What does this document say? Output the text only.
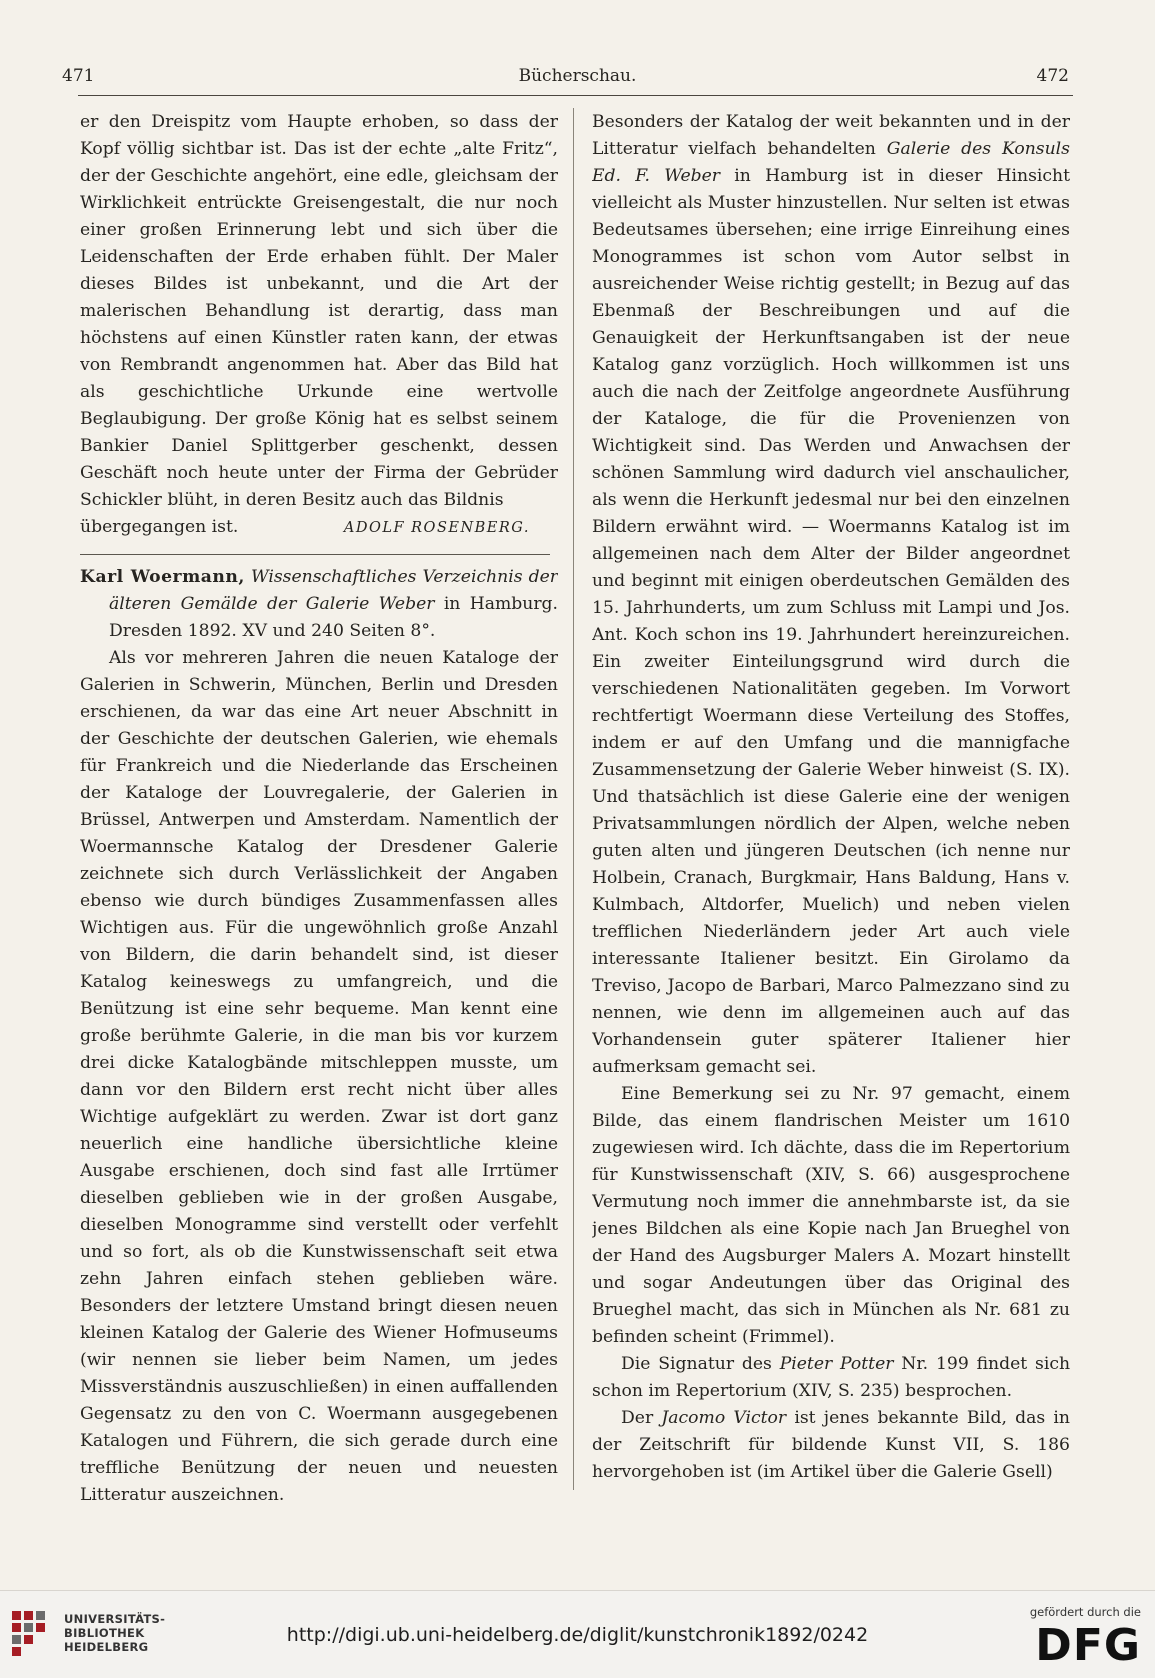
471	Bücherschau.	472

er den Dreispitz vom Haupte erhoben, so dass der Kopf völlig sichtbar ist. Das ist der echte „alte Fritz“, der der Geschichte angehört, eine edle, gleichsam der Wirklichkeit entrückte Greisengestalt, die nur noch einer großen Erinnerung lebt und sich über die Leidenschaften der Erde erhaben fühlt. Der Maler dieses Bildes ist unbekannt, und die Art der malerischen Behandlung ist derartig, dass man höchstens auf einen Künstler raten kann, der etwas von Rembrandt angenommen hat. Aber das Bild hat als geschichtliche Urkunde eine wertvolle Beglaubigung. Der große König hat es selbst seinem Bankier Daniel Splittgerber geschenkt, dessen Geschäft noch heute unter der Firma der Gebrüder Schickler blüht, in deren Besitz auch das Bildnis

übergegangen ist.	ADOLF ROSENBERG.

Karl Woermann, Wissenschaftliches Verzeichnis der älteren Gemälde der Galerie Weber in Hamburg. Dresden 1892. XV und 240 Seiten 8°.

Als vor mehreren Jahren die neuen Kataloge der Galerien in Schwerin, München, Berlin und Dresden erschienen, da war das eine Art neuer Abschnitt in der Geschichte der deutschen Galerien, wie ehemals für Frankreich und die Niederlande das Erscheinen der Kataloge der Louvregalerie, der Galerien in Brüssel, Antwerpen und Amsterdam. Namentlich der Woermannsche Katalog der Dresdener Galerie zeichnete sich durch Verlässlichkeit der Angaben ebenso wie durch bündiges Zusammenfassen alles Wichtigen aus. Für die ungewöhnlich große Anzahl von Bildern, die darin behandelt sind, ist dieser Katalog keineswegs zu umfangreich, und die Benützung ist eine sehr bequeme. Man kennt eine große berühmte Galerie, in die man bis vor kurzem drei dicke Katalogbände mitschleppen musste, um dann vor den Bildern erst recht nicht über alles Wichtige aufgeklärt zu werden. Zwar ist dort ganz neuerlich eine handliche übersichtliche kleine Ausgabe erschienen, doch sind fast alle Irrtümer dieselben geblieben wie in der großen Ausgabe, dieselben Monogramme sind verstellt oder verfehlt und so fort, als ob die Kunstwissenschaft seit etwa zehn Jahren einfach stehen geblieben wäre. Besonders der letztere Umstand bringt diesen neuen kleinen Katalog der Galerie des Wiener Hofmuseums (wir nennen sie lieber beim Namen, um jedes Missverständnis auszuschließen) in einen auffallenden Gegensatz zu den von C. Woermann ausgegebenen Katalogen und Führern, die sich gerade durch eine treffliche Benützung der neuen und neuesten Litteratur auszeichnen.

Besonders der Katalog der weit bekannten und in der Litteratur vielfach behandelten Galerie des Konsuls Ed. F. Weber in Hamburg ist in dieser Hinsicht vielleicht als Muster hinzustellen. Nur selten ist etwas Bedeutsames übersehen; eine irrige Einreihung eines Monogrammes ist schon vom Autor selbst in ausreichender Weise richtig gestellt; in Bezug auf das Ebenmaß der Beschreibungen und auf die Genauigkeit der Herkunftsangaben ist der neue Katalog ganz vorzüglich. Hoch willkommen ist uns auch die nach der Zeitfolge angeordnete Ausführung der Kataloge, die für die Provenienzen von Wichtigkeit sind. Das Werden und Anwachsen der schönen Sammlung wird dadurch viel anschaulicher, als wenn die Herkunft jedesmal nur bei den einzelnen Bildern erwähnt wird. — Woermanns Katalog ist im allgemeinen nach dem Alter der Bilder angeordnet und beginnt mit einigen oberdeutschen Gemälden des 15. Jahrhunderts, um zum Schluss mit Lampi und Jos. Ant. Koch schon ins 19. Jahrhundert hereinzureichen. Ein zweiter Einteilungsgrund wird durch die verschiedenen Nationalitäten gegeben. Im Vorwort rechtfertigt Woermann diese Verteilung des Stoffes, indem er auf den Umfang und die mannigfache Zusammensetzung der Galerie Weber hinweist (S. IX). Und thatsächlich ist diese Galerie eine der wenigen Privatsammlungen nördlich der Alpen, welche neben guten alten und jüngeren Deutschen (ich nenne nur Holbein, Cranach, Burgkmair, Hans Baldung, Hans v. Kulmbach, Altdorfer, Muelich) und neben vielen trefflichen Niederländern jeder Art auch viele interessante Italiener besitzt. Ein Girolamo da Treviso, Jacopo de Barbari, Marco Palmezzano sind zu nennen, wie denn im allgemeinen auch auf das Vorhandensein guter späterer Italiener hier aufmerksam gemacht sei.

Eine Bemerkung sei zu Nr. 97 gemacht, einem Bilde, das einem flandrischen Meister um 1610 zugewiesen wird. Ich dächte, dass die im Repertorium für Kunstwissenschaft (XIV, S. 66) ausgesprochene Vermutung noch immer die annehmbarste ist, da sie jenes Bildchen als eine Kopie nach Jan Brueghel von der Hand des Augsburger Malers A. Mozart hinstellt und sogar Andeutungen über das Original des Brueghel macht, das sich in München als Nr. 681 zu befinden scheint (Frimmel).

Die Signatur des Pieter Potter Nr. 199 findet sich schon im Repertorium (XIV, S. 235) besprochen.

Der Jacomo Victor ist jenes bekannte Bild, das in der Zeitschrift für bildende Kunst VII, S. 186 hervorgehoben ist (im Artikel über die Galerie Gsell)

UNIVERSITÄTS-
BIBLIOTHEK
HEIDELBERG
http://digi.ub.uni-heidelberg.de/diglit/kunstchronik1892/0242
gefördert durch die
DFG
